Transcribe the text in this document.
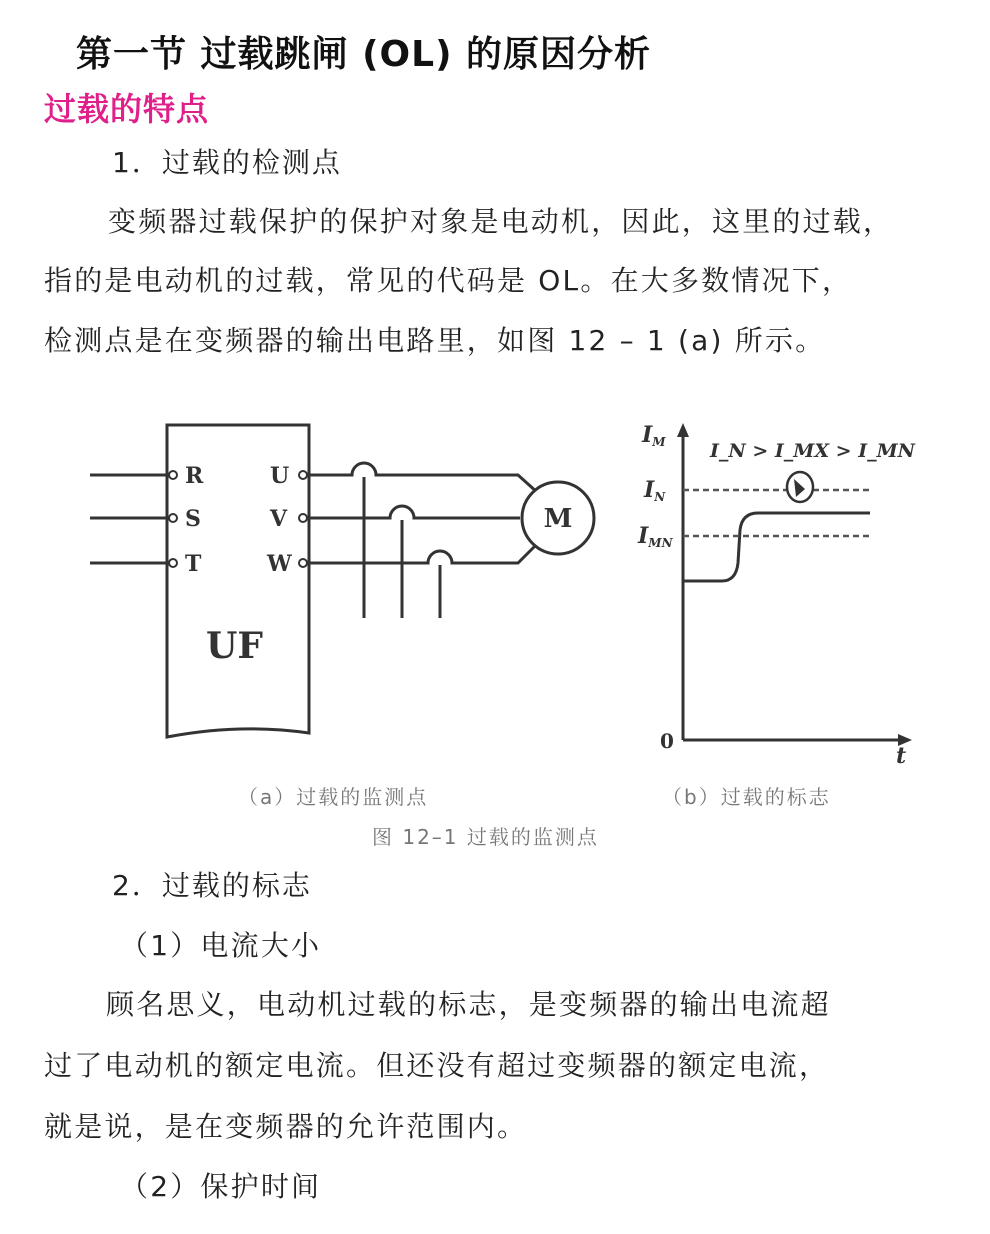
第一节 过载跳闸 (OL) 的原因分析
过载的特点
1．过载的检测点
变频器过载保护的保护对象是电动机，因此，这里的过载，
指的是电动机的过载，常见的代码是 OL。在大多数情况下，
检测点是在变频器的输出电路里，如图 12 – 1 (a) 所示。
R
S
T
U
V
W
UF
M
IM I_N > I_MX > I_MN
IN
IMN
0
t
（a）过载的监测点	（b）过载的标志
图 12–1 过载的监测点
2．过载的标志
（1）电流大小
顾名思义，电动机过载的标志，是变频器的输出电流超
过了电动机的额定电流。但还没有超过变频器的额定电流，
就是说，是在变频器的允许范围内。
（2）保护时间
